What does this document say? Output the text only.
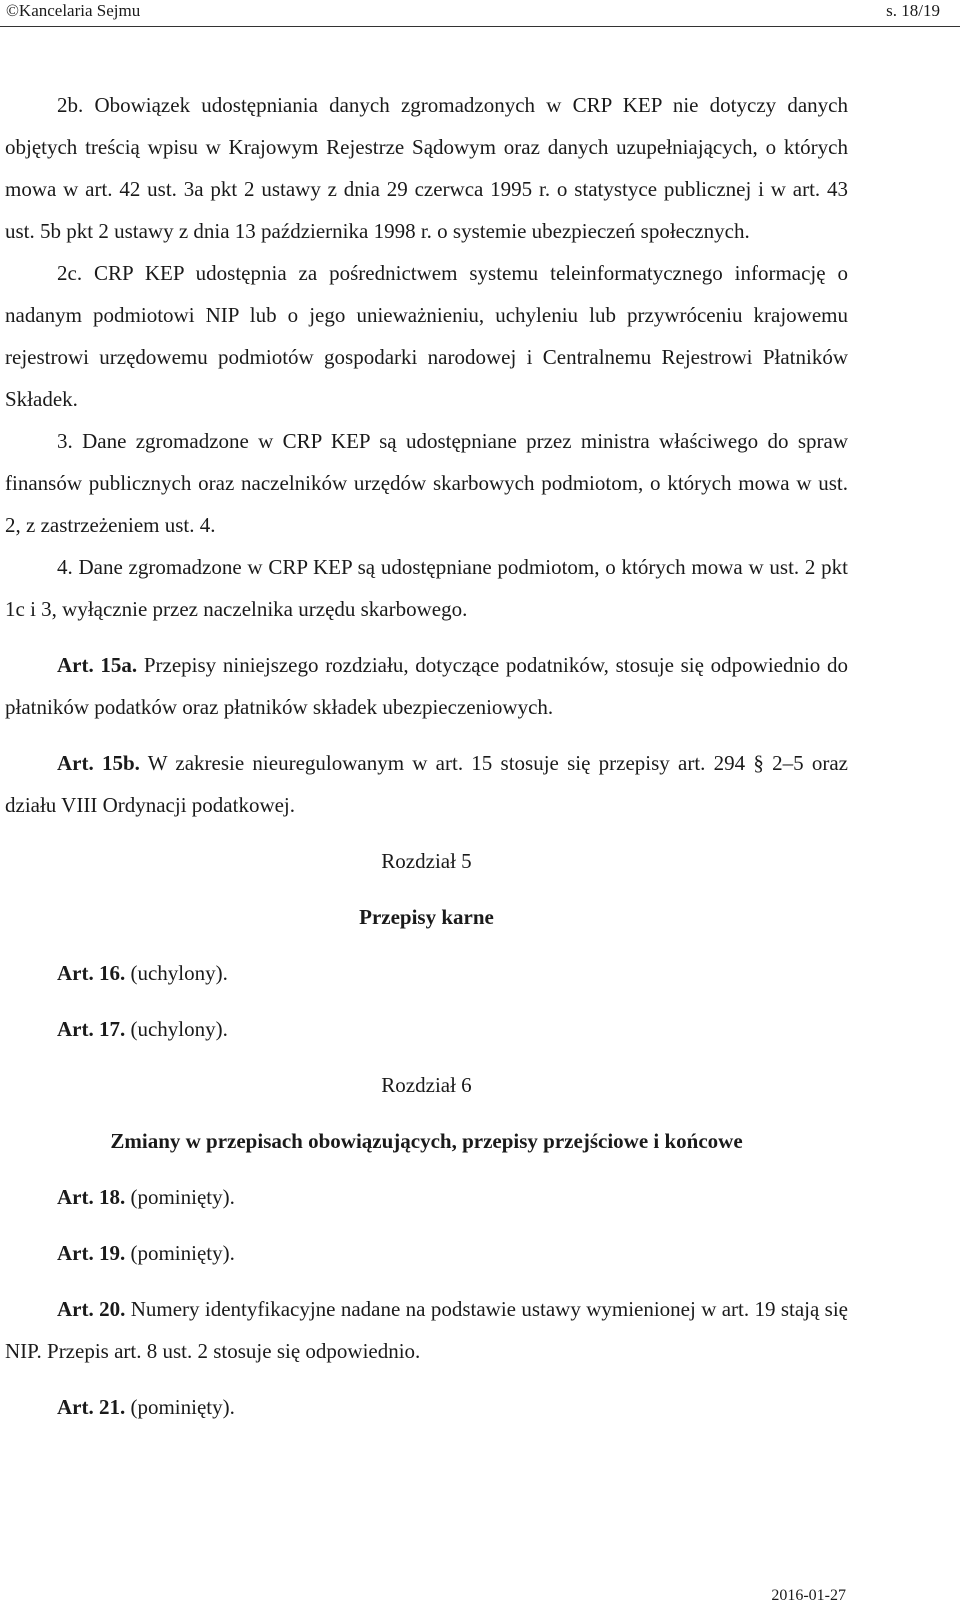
©Kancelaria Sejmu	s. 18/19

2b. Obowiązek udostępniania danych zgromadzonych w CRP KEP nie dotyczy danych objętych treścią wpisu w Krajowym Rejestrze Sądowym oraz danych uzupełniających, o których mowa w art. 42 ust. 3a pkt 2 ustawy z dnia 29 czerwca 1995 r. o statystyce publicznej i w art. 43 ust. 5b pkt 2 ustawy z dnia 13 października 1998 r. o systemie ubezpieczeń społecznych.

2c. CRP KEP udostępnia za pośrednictwem systemu teleinformatycznego informację o nadanym podmiotowi NIP lub o jego unieważnieniu, uchyleniu lub przywróceniu krajowemu rejestrowi urzędowemu podmiotów gospodarki narodowej i Centralnemu Rejestrowi Płatników Składek.

3. Dane zgromadzone w CRP KEP są udostępniane przez ministra właściwego do spraw finansów publicznych oraz naczelników urzędów skarbowych podmiotom, o których mowa w ust. 2, z zastrzeżeniem ust. 4.

4. Dane zgromadzone w CRP KEP są udostępniane podmiotom, o których mowa w ust. 2 pkt 1c i 3, wyłącznie przez naczelnika urzędu skarbowego.

Art. 15a. Przepisy niniejszego rozdziału, dotyczące podatników, stosuje się odpowiednio do płatników podatków oraz płatników składek ubezpieczeniowych.

Art. 15b. W zakresie nieuregulowanym w art. 15 stosuje się przepisy art. 294 § 2–5 oraz działu VIII Ordynacji podatkowej.

Rozdział 5

Przepisy karne

Art. 16. (uchylony).

Art. 17. (uchylony).

Rozdział 6

Zmiany w przepisach obowiązujących, przepisy przejściowe i końcowe

Art. 18. (pominięty).

Art. 19. (pominięty).

Art. 20. Numery identyfikacyjne nadane na podstawie ustawy wymienionej w art. 19 stają się NIP. Przepis art. 8 ust. 2 stosuje się odpowiednio.

Art. 21. (pominięty).

2016-01-27
